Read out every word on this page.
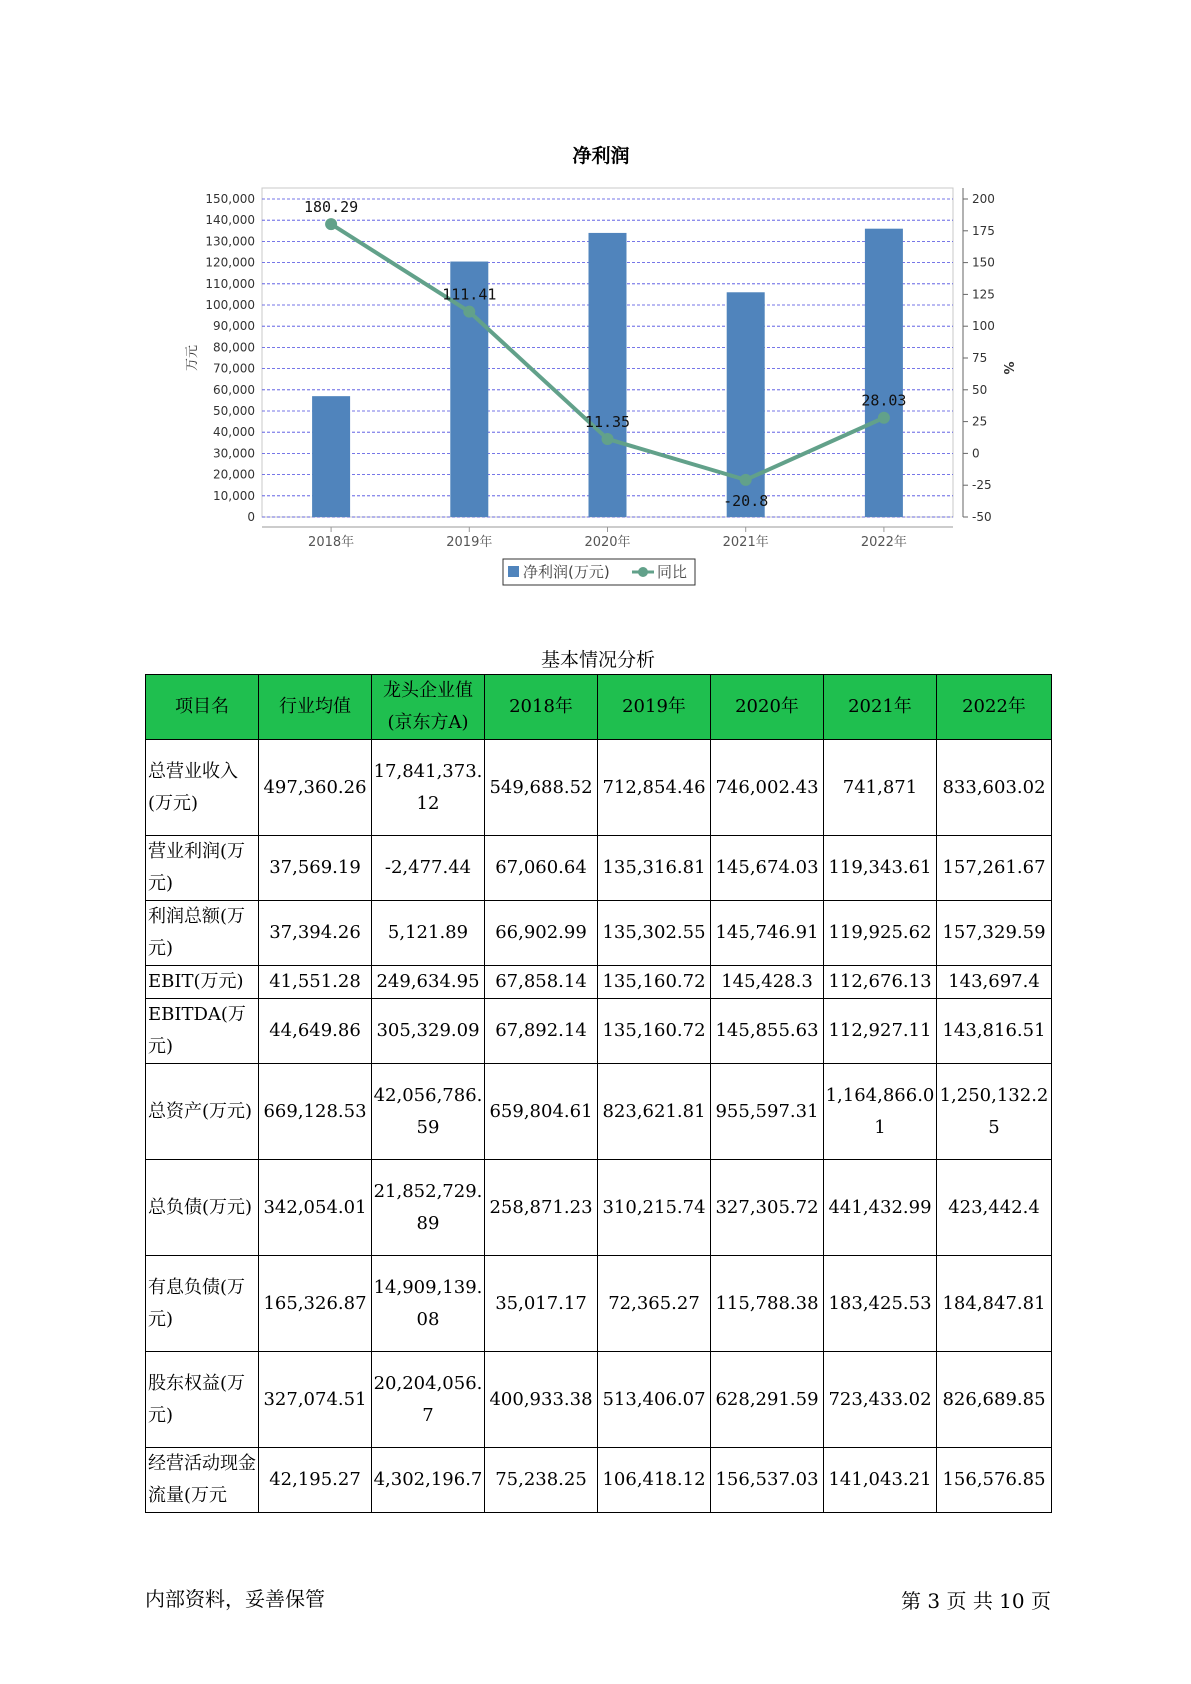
净利润
0
10,000
20,000
30,000
40,000
50,000
60,000
70,000
80,000
90,000
100,000
110,000
120,000
130,000
140,000
150,000
-50
-25
0
25
50
75
100
125
150
175
200
万元	%
2018年	2019年	2020年	2021年	2022年
180.29
111.41
11.35
-20.8
28.03
净利润(万元)	同比
基本情况分析
项目名	行业均值	龙头企业值(京东方A)	2018年	2019年	2020年	2021年	2022年
总营业收入(万元)	497,360.26	17,841,373.12	549,688.52	712,854.46	746,002.43	741,871	833,603.02
营业利润(万元)	37,569.19	-2,477.44	67,060.64	135,316.81	145,674.03	119,343.61	157,261.67
利润总额(万元)	37,394.26	5,121.89	66,902.99	135,302.55	145,746.91	119,925.62	157,329.59
EBIT(万元)	41,551.28	249,634.95	67,858.14	135,160.72	145,428.3	112,676.13	143,697.4
EBITDA(万元)	44,649.86	305,329.09	67,892.14	135,160.72	145,855.63	112,927.11	143,816.51
总资产(万元)	669,128.53	42,056,786.59	659,804.61	823,621.81	955,597.31	1,164,866.01	1,250,132.25
总负债(万元)	342,054.01	21,852,729.89	258,871.23	310,215.74	327,305.72	441,432.99	423,442.4
有息负债(万元)	165,326.87	14,909,139.08	35,017.17	72,365.27	115,788.38	183,425.53	184,847.81
股东权益(万元)	327,074.51	20,204,056.7	400,933.38	513,406.07	628,291.59	723,433.02	826,689.85
经营活动现金流量(万元	42,195.27	4,302,196.7	75,238.25	106,418.12	156,537.03	141,043.21	156,576.85
内部资料，妥善保管	第 3 页 共 10 页
